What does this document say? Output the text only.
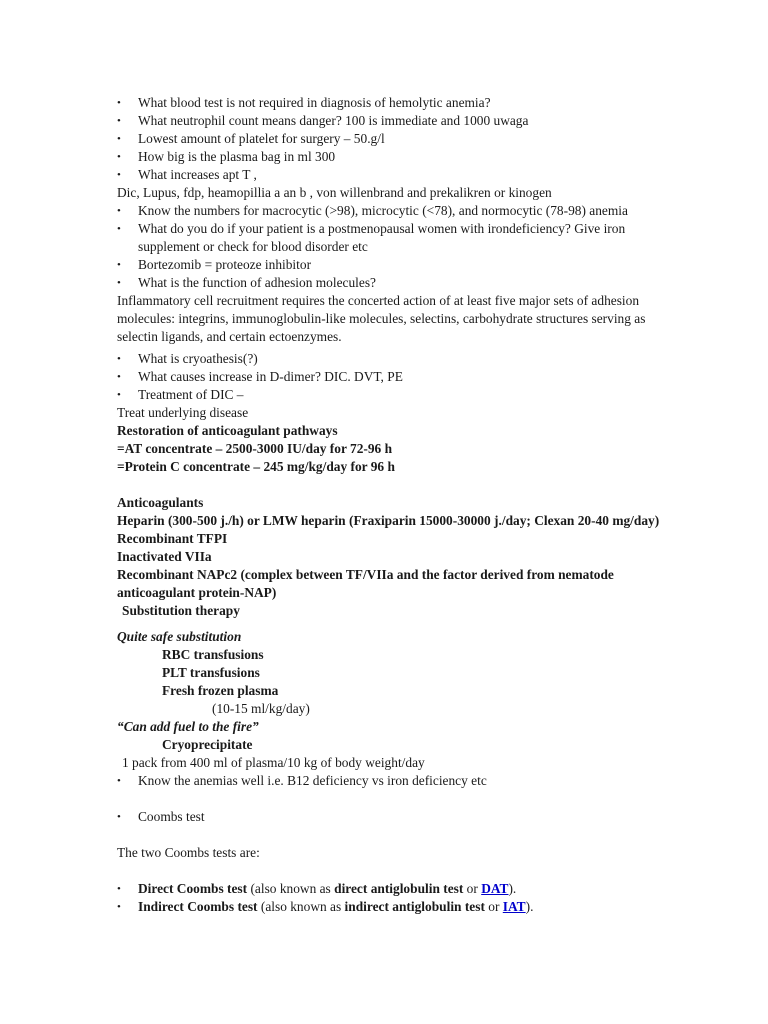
• What blood test is not required in diagnosis of hemolytic anemia?
• What neutrophil count means danger? 100 is immediate and 1000 uwaga
• Lowest amount of platelet for surgery – 50.g/l
• How big is the plasma bag in ml 300
• What increases apt T ,
Dic, Lupus, fdp, heamopillia a an b , von willenbrand and prekalikren or kinogen
• Know the numbers for macrocytic (>98), microcytic (<78), and normocytic (78-98) anemia
• What do you do if your patient is a postmenopausal women with irondeficiency? Give iron supplement or check for blood disorder etc
• Bortezomib = proteoze inhibitor
• What is the function of adhesion molecules?
Inflammatory cell recruitment requires the concerted action of at least five major sets of adhesion molecules: integrins, immunoglobulin-like molecules, selectins, carbohydrate structures serving as selectin ligands, and certain ectoenzymes.
• What is cryoathesis(?)
• What causes increase in D-dimer? DIC. DVT, PE
• Treatment of DIC –
Treat underlying disease
Restoration of anticoagulant pathways
=AT concentrate – 2500-3000 IU/day for 72-96 h
=Protein C concentrate – 245 mg/kg/day for 96 h
Anticoagulants
Heparin (300-500 j./h) or LMW heparin (Fraxiparin 15000-30000 j./day; Clexan 20-40 mg/day)
Recombinant TFPI
Inactivated VIIa
Recombinant NAPc2 (complex between TF/VIIa and the factor derived from nematode anticoagulant protein-NAP)
Substitution therapy
Quite safe substitution
RBC transfusions
PLT transfusions
Fresh frozen plasma
(10-15 ml/kg/day)
“Can add fuel to the fire”
Cryoprecipitate
1 pack from 400 ml of plasma/10 kg of body weight/day
• Know the anemias well i.e. B12 deficiency vs iron deficiency etc
• Coombs test
The two Coombs tests are:
• Direct Coombs test (also known as direct antiglobulin test or DAT).
• Indirect Coombs test (also known as indirect antiglobulin test or IAT).
